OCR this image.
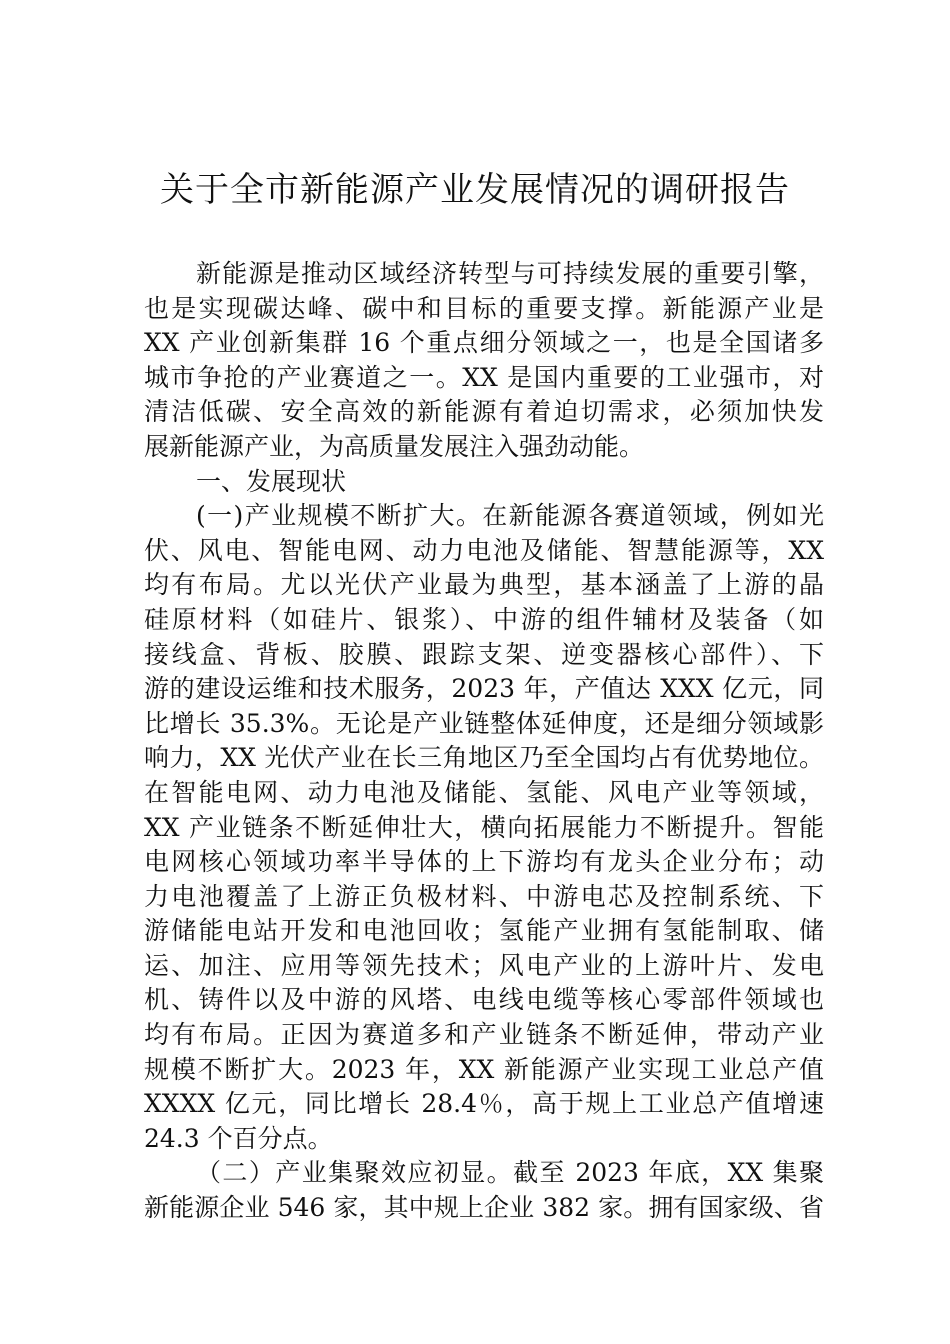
关于全市新能源产业发展情况的调研报告
新能源是推动区域经济转型与可持续发展的重要引擎，
也是实现碳达峰、碳中和目标的重要支撑。新能源产业是
XX 产业创新集群 16 个重点细分领域之一，也是全国诸多
城市争抢的产业赛道之一。XX 是国内重要的工业强市，对
清洁低碳、安全高效的新能源有着迫切需求，必须加快发
展新能源产业，为高质量发展注入强劲动能。
一、发展现状
(一)产业规模不断扩大。在新能源各赛道领域，例如光
伏、风电、智能电网、动力电池及储能、智慧能源等，XX
均有布局。尤以光伏产业最为典型，基本涵盖了上游的晶
硅原材料（如硅片、银浆）、中游的组件辅材及装备（如
接线盒、背板、胶膜、跟踪支架、逆变器核心部件）、下
游的建设运维和技术服务，2023 年，产值达 XXX 亿元，同
比增长 35.3%。无论是产业链整体延伸度，还是细分领域影
响力，XX 光伏产业在长三角地区乃至全国均占有优势地位。
在智能电网、动力电池及储能、氢能、风电产业等领域，
XX 产业链条不断延伸壮大，横向拓展能力不断提升。智能
电网核心领域功率半导体的上下游均有龙头企业分布；动
力电池覆盖了上游正负极材料、中游电芯及控制系统、下
游储能电站开发和电池回收；氢能产业拥有氢能制取、储
运、加注、应用等领先技术；风电产业的上游叶片、发电
机、铸件以及中游的风塔、电线电缆等核心零部件领域也
均有布局。正因为赛道多和产业链条不断延伸，带动产业
规模不断扩大。2023 年，XX 新能源产业实现工业总产值
XXXX 亿元，同比增长 28.4％，高于规上工业总产值增速
24.3 个百分点。
（二）产业集聚效应初显。截至 2023 年底，XX 集聚
新能源企业 546 家，其中规上企业 382 家。拥有国家级、省
